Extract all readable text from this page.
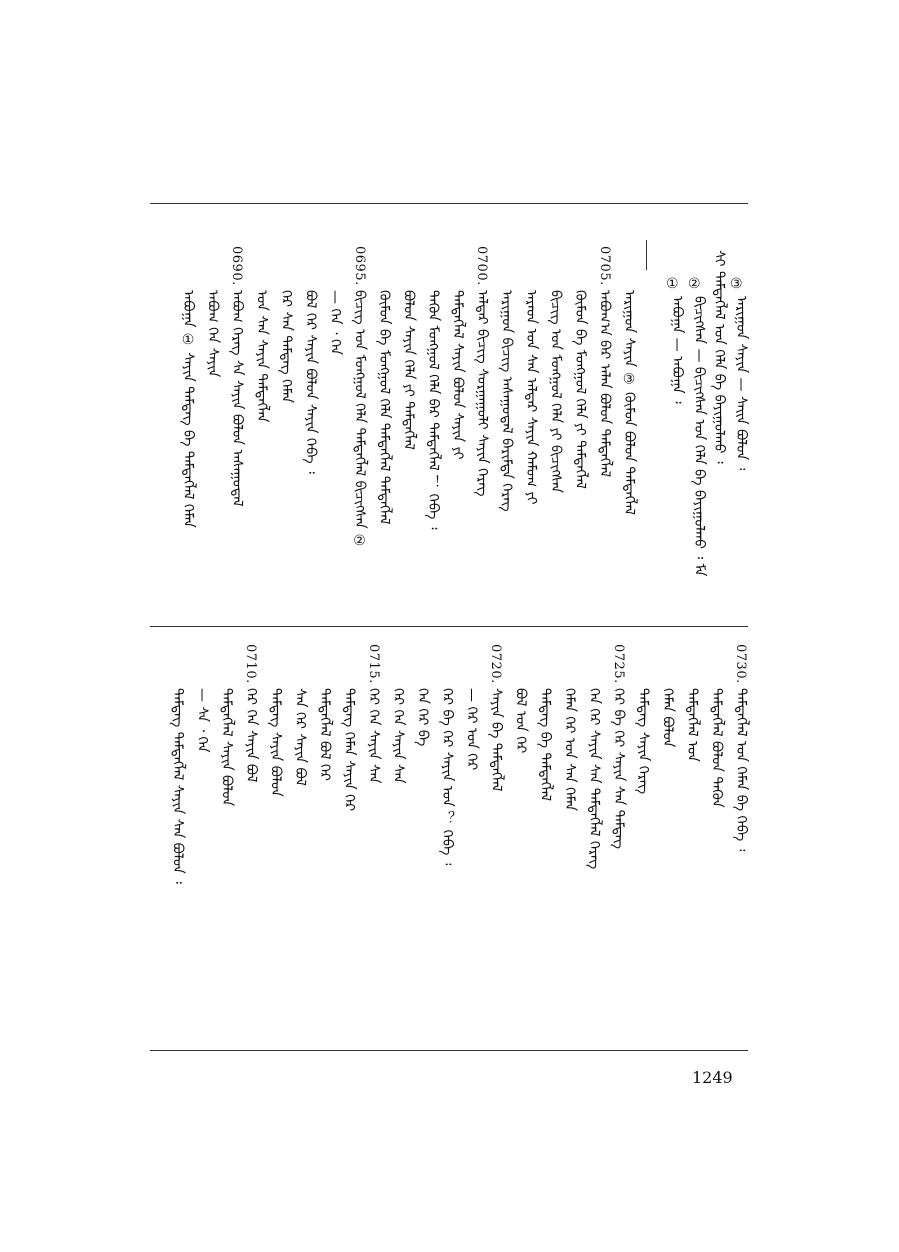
③
ᠠᠷᠢᠭᠤᠨ ᠰᠠᠶᠢᠨ — ᠰᠠᠢᠨ ᠪᠣᠯᠤᠨ ᠄
ᠰᠢ ᠲᠡᠮᠳᠡᠭᠯᠡᠯ ᠤᠨ ᠬᠡᠯᠡ ᠪᠡ ᠪᠠᠶᠢᠭᠤᠯᠬᠤ ᠄
②
ᠪᠢᠴᠢᠭᠰᠡᠨ — ᠪᠢᠴᠢᠭᠰᠡᠨ ᠤᠨ ᠬᠡᠯᠡ ᠪᠡ ᠪᠠᠶᠢᠭᠤᠯᠬᠤ ᠄ ᠮᠡ
①
ᠠᠪᠤᠭᠠ — ᠠᠪᠤᠭᠠ ᠄
ᠠᠷᠢᠭᠤᠨ ᠰᠠᠶᠢᠨ ③ ᠬᠦᠮᠦᠨ ᠪᠣᠯᠤᠨ ᠲᠡᠮᠳᠡᠭᠯᠡᠯ
0705.
ᠠᠪᠤᠭ᠎ᠠ ᠪᠠᠷ ᠠᠯᠠᠨ ᠪᠣᠯᠤᠨ ᠲᠡᠮᠳᠡᠭᠯᠡᠯ
ᠬᠦᠮᠦᠨ ᠪᠡ ᠮᠣᠩᠭᠣᠯ ᠬᠡᠯᠡ ᠶᠢ ᠲᠡᠮᠳᠡᠭᠯᠡᠯ
ᠪᠢᠴᠢᠭ ᠤᠨ ᠮᠣᠩᠭᠣᠯ ᠬᠡᠯᠡ ᠶᠢ ᠪᠢᠴᠢᠭᠰᠡᠨ
ᠠᠷᠠᠳ ᠤᠨ ᠰᠠᠨ ᠠᠯᠳᠠᠷ ᠰᠠᠶᠢᠨ ᠬᠠᠮᠤᠭ ᠶᠢ
ᠠᠷᠢᠭᠤᠨ ᠪᠢᠴᠢᠭ ᠠᠰᠠᠭᠤᠳᠠᠯ ᠪᠠᠷᠢᠮᠲᠠ ᠬᠡᠷᠡᠭ
0700.
ᠠᠯᠳᠠᠷ ᠪᠢᠴᠢᠭ ᠰᠤᠷᠭᠠᠭᠤᠯᠢ ᠰᠠᠶᠢᠨ ᠬᠡᠷᠡᠭ
ᠲᠡᠮᠳᠡᠭᠯᠡᠯ ᠰᠠᠶᠢᠨ ᠪᠣᠯᠤᠨ ᠰᠠᠶᠢᠨ ᠶᠢ
ᠲᠡᠭᠦᠨ ᠮᠣᠩᠭᠣᠯ ᠬᠡᠯᠡ ᠪᠡᠷ ᠲᠡᠮᠳᠡᠭᠯᠡᠯ ！ ᠭᠡᠪᠡ ᠄
ᠪᠣᠯᠤᠨ ᠰᠠᠶᠢᠨ ᠬᠡᠯᠡ ᠶᠢ ᠲᠡᠮᠳᠡᠭᠯᠡᠯ
ᠬᠦᠮᠦᠨ ᠪᠡ ᠮᠣᠩᠭᠣᠯ ᠬᠡᠯᠡ ᠲᠡᠮᠳᠡᠭᠯᠡᠯ ᠲᠡᠮᠳᠡᠭᠯᠡᠯ
0695.
ᠪᠢᠴᠢᠭ ᠤᠨ ᠮᠣᠩᠭᠣᠯ ᠬᠡᠯᠡ ᠲᠡᠮᠳᠡᠭᠯᠡᠯ ᠪᠢᠴᠢᠭᠰᠡᠨ ②
— ᠬᠡᠨ ᠂ ᠬᠡᠨ
ᠪᠣᠯ ᠬᠡᠷ ᠰᠠᠶᠢᠨ ᠪᠣᠯᠤᠨ ᠰᠠᠶᠢᠨ ᠭᠡᠪᠡ ᠄
ᠭᠡᠷ ᠰᠠᠨ ᠲᠡᠮᠳᠡᠭ ᠬᠡᠮᠡᠨ
ᠤᠨ ᠰᠠᠨ ᠰᠠᠶᠢᠨ ᠲᠡᠮᠳᠡᠭᠯᠡᠨ
0690.
ᠠᠪᠤᠭ ᠬᠡᠷᠡᠭ ᠰᠡ ᠰᠠᠶᠢᠨ ᠪᠣᠯᠤᠨ ᠠᠰᠠᠭᠤᠳᠠᠯ
ᠠᠪᠤᠭ ᠬᠡᠨ ᠰᠠᠶᠢᠨ
ᠠᠪᠤᠭᠠ ① ᠰᠠᠶᠢᠨ ᠲᠡᠮᠳᠡᠭ ᠪᠡ ᠲᠡᠮᠳᠡᠭᠯᠡᠯ ᠬᠡᠮᠡᠨ
0730.
ᠲᠡᠮᠳᠡᠭᠯᠡᠯ ᠤᠨ ᠬᠡᠮᠡᠨ ᠪᠠ ᠭᠡᠪᠡ ᠄
ᠲᠡᠮᠳᠡᠭᠯᠡᠯ ᠪᠣᠯᠤᠨ ᠲᠡᠭᠦᠨ
ᠲᠡᠮᠳᠡᠭᠯᠡᠯ ᠤᠨ
ᠬᠡᠮᠡᠨ ᠪᠣᠯᠤᠨ
ᠲᠡᠮᠳᠡᠭ ᠰᠠᠶᠢᠨ ᠬᠡᠷᠡᠭ
0725.
ᠬᠡᠷ ᠪᠡ ᠬᠡᠷ ᠰᠠᠶᠢᠨ ᠰᠠᠨ ᠲᠡᠮᠳᠡᠭ
ᠬᠡᠨ ᠬᠡᠷ ᠰᠠᠶᠢᠨ ᠰᠠᠨ ᠲᠡᠮᠳᠡᠭᠯᠡᠯ ᠬᠡᠷᠡᠭ
ᠬᠡᠮᠡᠨ ᠬᠡᠷ ᠤᠨ ᠰᠠᠨ ᠬᠡᠮᠡᠨ
ᠲᠡᠮᠳᠡᠭ ᠪᠡ ᠲᠡᠮᠳᠡᠭᠯᠡᠯ
ᠪᠣᠯ ᠤᠨ ᠬᠡᠷ
0720.
ᠰᠠᠶᠢᠨ ᠪᠡ ᠲᠡᠮᠳᠡᠭᠯᠡᠯ
— ᠬᠡᠷ ᠤᠨ ᠬᠡᠷ
ᠬᠡᠷ ᠪᠡ ᠬᠡᠷ ᠰᠠᠶᠢᠨ ᠤᠨ ？ ᠭᠡᠪᠡ ᠄
ᠬᠡᠨ ᠬᠡᠷ ᠪᠡ
ᠬᠡᠷ ᠬᠡᠨ ᠰᠠᠶᠢᠨ ᠰᠠᠨ
0715.
ᠬᠡᠷ ᠬᠡᠨ ᠰᠠᠶᠢᠨ ᠰᠠᠨ
ᠲᠡᠮᠳᠡᠭ ᠬᠡᠮᠡᠨ ᠰᠠᠶᠢᠨ ᠬᠡᠷ
ᠲᠡᠮᠳᠡᠭᠯᠡᠯ ᠪᠣᠯ ᠬᠡᠷ
ᠰᠠᠨ ᠬᠡᠷ ᠰᠠᠶᠢᠨ ᠪᠣᠯ
ᠲᠡᠮᠳᠡᠭ ᠰᠠᠶᠢᠨ ᠪᠣᠯᠤᠨ
0710.
ᠬᠡᠷ ᠬᠡᠨ ᠰᠠᠶᠢᠨ ᠪᠣᠯ
ᠲᠡᠮᠳᠡᠭᠯᠡᠯ ᠰᠠᠶᠢᠨ ᠪᠣᠯᠤᠨ
— ᠰᠡ ᠂ ᠬᠡᠨ
ᠲᠡᠮᠳᠡᠭ ᠲᠡᠮᠳᠡᠭᠯᠡᠯ ᠰᠠᠶᠢᠨ ᠰᠠᠨ ᠪᠣᠯᠤᠨ ᠄
1249
